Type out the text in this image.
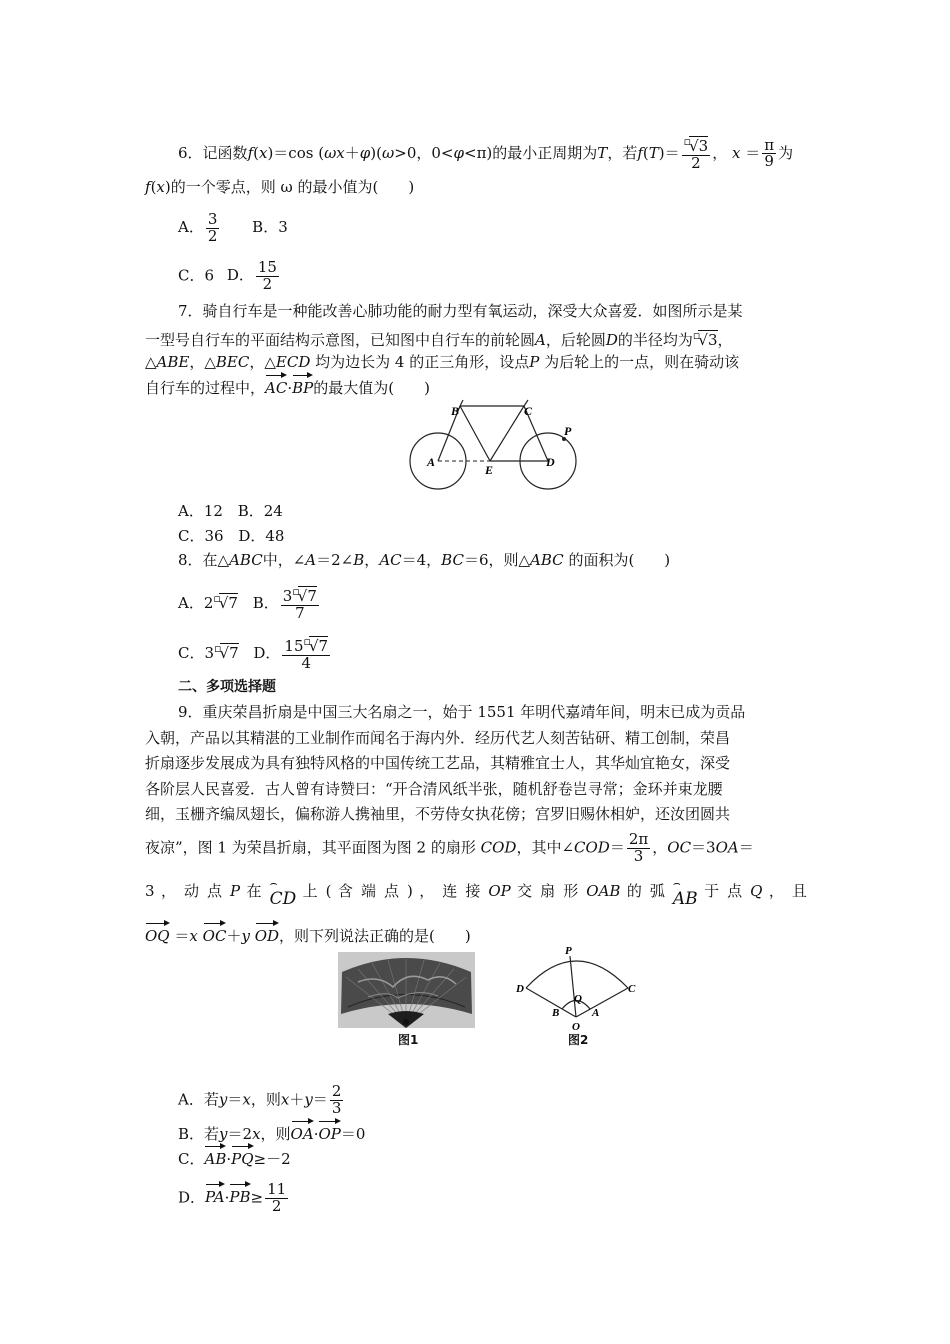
6．记函数f(x)＝cos (ωx＋φ)(ω>0，0<φ<π)的最小正周期为T，若$f(T)= \frac{^▫√3}{2}$ ， $x = \frac{\pi}{9}$ 为
f(x)的一个零点，则 ω 的最小值为(　　)
A． $\frac{3}{2}$ B．3
C．6 D． $\frac{15}{2}$
7．骑自行车是一种能改善心肺功能的耐力型有氧运动，深受大众喜爱．如图所示是某
一型号自行车的平面结构示意图，已知图中自行车的前轮圆A，后轮圆D的半径均为▫√3，
△ABE，△BEC，△ECD 均为边长为 4 的正三角形，设点P 为后轮上的一点，则在骑动该
自行车的过程中，AC·BP的最大值为(　　)
A
B	C
D
E
P
A．12 B．24
C．36 D．48
8．在△ABC中，∠A＝2∠B，AC＝4，BC＝6，则△ABC 的面积为(　　)
A．2▫√7 B． $\frac{3^▫√7}{7}$
C．3▫√7 D． $\frac{15^▫√7}{4}$
二、多项选择题
9．重庆荣昌折扇是中国三大名扇之一，始于 1551 年明代嘉靖年间，明末已成为贡品
入朝，产品以其精湛的工业制作而闻名于海内外．经历代艺人刻苦钻研、精工创制，荣昌
折扇逐步发展成为具有独特风格的中国传统工艺品，其精雅宜士人，其华灿宜艳女，深受
各阶层人民喜爱．古人曾有诗赞曰：“开合清风纸半张，随机舒卷岂寻常；金环并束龙腰
细，玉栅齐编凤翅长，偏称游人携袖里，不劳侍女执花傍；宫罗旧赐休相妒，还汝团圆共
夜凉”，图 1 为荣昌折扇，其平面图为图 2 的扇形 COD，其中∠COD＝ $\frac{2\pi}{3}$ ，OC＝3OA＝
3 ， 动 点 P 在 ⌢ CD 上 ( 含 端 点 ) ， 连 接 OP 交 扇 形 OAB 的 弧 ⌢ AB 于 点 Q ， 且
OQ ＝x OC＋y OD，则下列说法正确的是(　　)
图1
P
D	C
Q
B	A
O
图2
A．若y＝x，则$x+y= \frac{2}{3}$
B．若y＝2x，则OA·OP＝0
C．AB·PQ≥－2
D．$PA\cdot PB\ge \frac{11}{2}$
